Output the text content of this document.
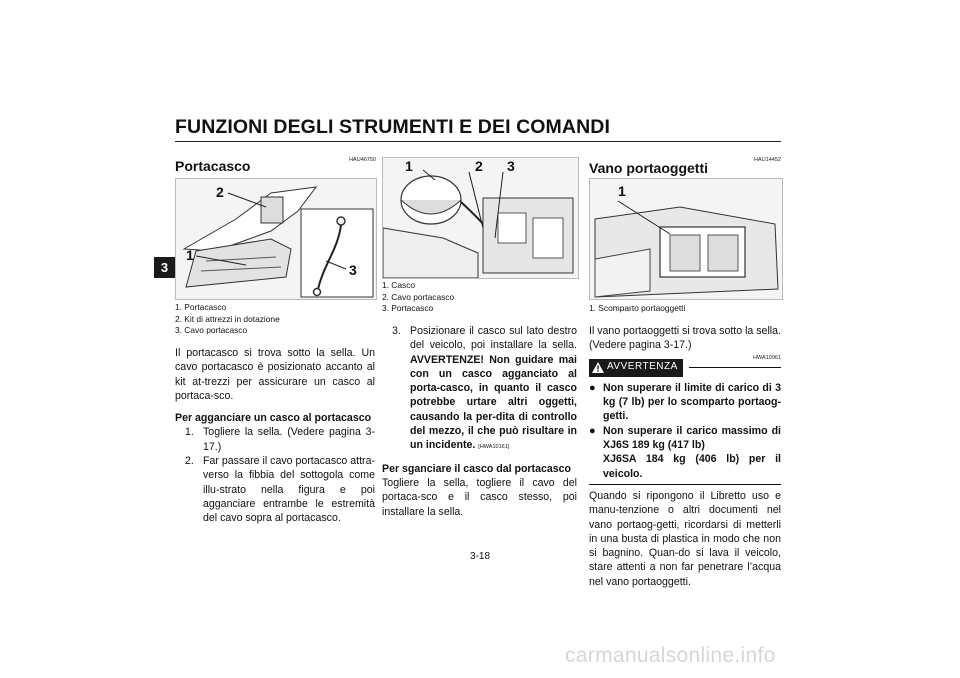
FUNZIONI DEGLI STRUMENTI E DEI COMANDI
3
HAU46750
Portacasco
2
1
3
1. Portacasco
2. Kit di attrezzi in dotazione
3. Cavo portacasco

Il portacasco si trova sotto la sella. Un cavo portacasco è posizionato accanto al kit at-trezzi per assicurare un casco al portaca-sco.

Per agganciare un casco al portacasco
1. Togliere la sella. (Vedere pagina 3-17.)
2. Far passare il cavo portacasco attra-verso la fibbia del sottogola come illu-strato nella figura e poi agganciare entrambe le estremità del cavo sopra al portacasco.
1	2 3
1. Casco
2. Cavo portacasco
3. Portacasco
3. Posizionare il casco sul lato destro del veicolo, poi installare la sella. AVVERTENZE! Non guidare mai con un casco agganciato al porta-casco, in quanto il casco potrebbe urtare altri oggetti, causando la per-dita di controllo del mezzo, il che può risultare in un incidente. [HWA10161]
Per sganciare il casco dal portacasco

Togliere la sella, togliere il cavo del portaca-sco e il casco stesso, poi installare la sella.

HAU14452
Vano portaoggetti
1
1. Scomparto portaoggetti

Il vano portaoggetti si trova sotto la sella. (Vedere pagina 3-17.)

AVVERTENZA
HWA10961
● Non superare il limite di carico di 3 kg (7 lb) per lo scomparto portaog-getti.
● Non superare il carico massimo di XJ6S 189 kg (417 lb)
XJ6SA 184 kg (406 lb) per il veicolo.

Quando si ripongono il Libretto uso e manu-tenzione o altri documenti nel vano portaog-getti, ricordarsi di metterli in una busta di plastica in modo che non si bagnino. Quan-do si lava il veicolo, stare attenti a non far penetrare l’acqua nel vano portaoggetti.

3-18
carmanualsonline.info
